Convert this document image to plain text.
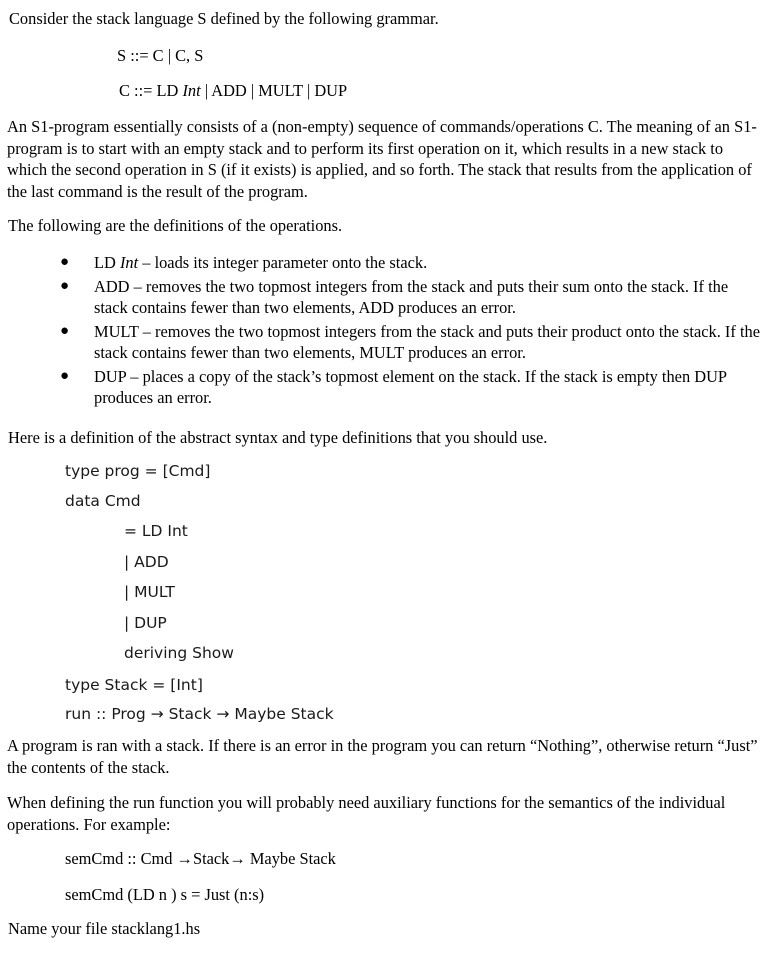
Consider the stack language S defined by the following grammar.

S ::= C | C, S

C ::= LD Int | ADD | MULT | DUP

An S1-program essentially consists of a (non-empty) sequence of commands/operations C. The meaning of an S1-program is to start with an empty stack and to perform its first operation on it, which results in a new stack to which the second operation in S (if it exists) is applied, and so forth. The stack that results from the application of the last command is the result of the program.

The following are the definitions of the operations.

● LD Int – loads its integer parameter onto the stack.
● ADD – removes the two topmost integers from the stack and puts their sum onto the stack. If the stack contains fewer than two elements, ADD produces an error.
● MULT – removes the two topmost integers from the stack and puts their product onto the stack. If the stack contains fewer than two elements, MULT produces an error.
● DUP – places a copy of the stack’s topmost element on the stack. If the stack is empty then DUP produces an error.

Here is a definition of the abstract syntax and type definitions that you should use.

type prog = [Cmd]
data Cmd
= LD Int
| ADD
| MULT
| DUP
deriving Show
type Stack = [Int]
run :: Prog → Stack → Maybe Stack

A program is ran with a stack. If there is an error in the program you can return “Nothing”, otherwise return “Just” the contents of the stack.

When defining the run function you will probably need auxiliary functions for the semantics of the individual operations. For example:

semCmd :: Cmd →Stack→ Maybe Stack
semCmd (LD n ) s = Just (n:s)

Name your file stacklang1.hs
